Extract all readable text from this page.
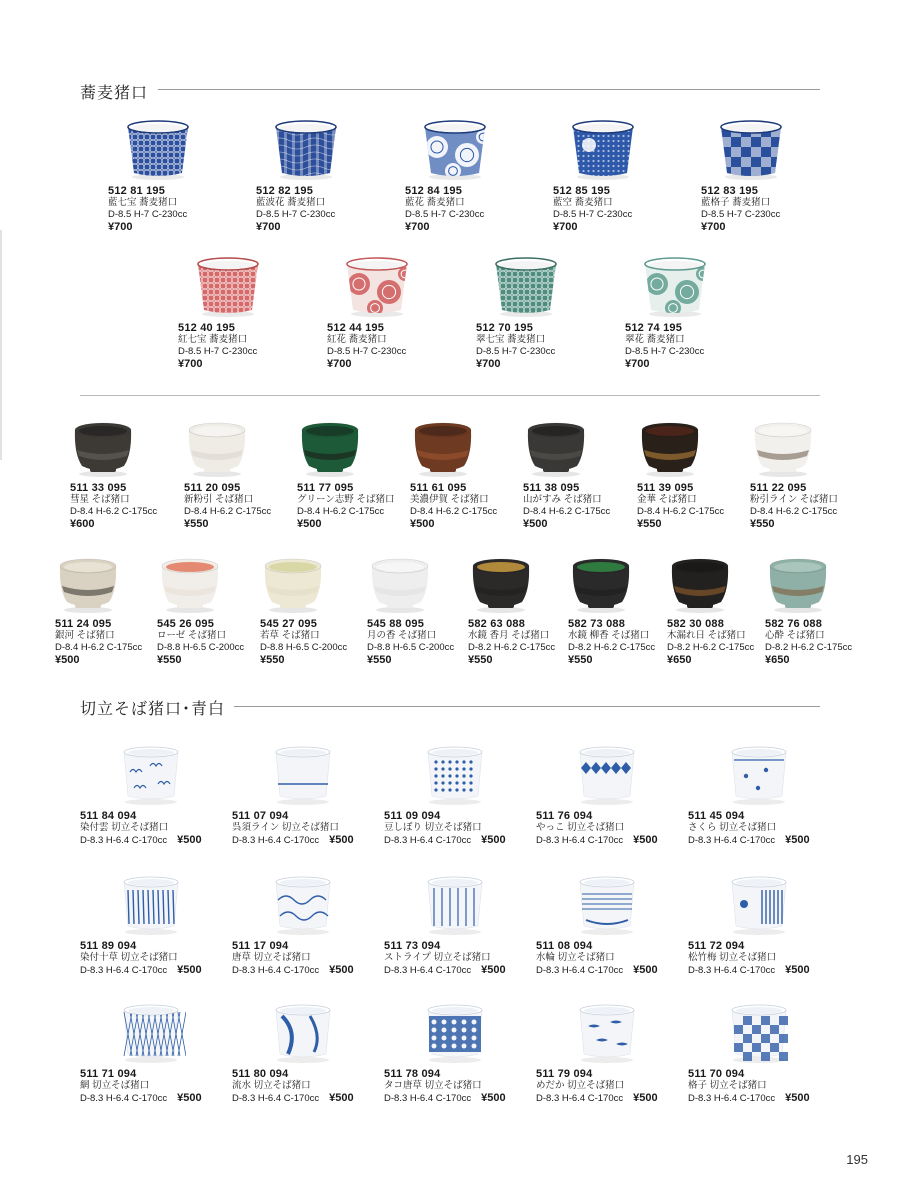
蕎麦猪口
512 81 195
藍七宝 蕎麦猪口
D-8.5 H-7 C-230cc
¥700
512 82 195
藍波花 蕎麦猪口
D-8.5 H-7 C-230cc
¥700
512 84 195
藍花 蕎麦猪口
D-8.5 H-7 C-230cc
¥700
512 85 195
藍空 蕎麦猪口
D-8.5 H-7 C-230cc
¥700
512 83 195
藍格子 蕎麦猪口
D-8.5 H-7 C-230cc
¥700
512 40 195
紅七宝 蕎麦猪口
D-8.5 H-7 C-230cc
¥700
512 44 195
紅花 蕎麦猪口
D-8.5 H-7 C-230cc
¥700
512 70 195
翠七宝 蕎麦猪口
D-8.5 H-7 C-230cc
¥700
512 74 195
翠花 蕎麦猪口
D-8.5 H-7 C-230cc
¥700
511 33 095
彗星 そば猪口
D-8.4 H-6.2 C-175cc
¥600
511 20 095
新粉引 そば猪口
D-8.4 H-6.2 C-175cc
¥550
511 77 095
グリーン志野 そば猪口
D-8.4 H-6.2 C-175cc
¥500
511 61 095
美濃伊賀 そば猪口
D-8.4 H-6.2 C-175cc
¥500
511 38 095
山がすみ そば猪口
D-8.4 H-6.2 C-175cc
¥500
511 39 095
金華 そば猪口
D-8.4 H-6.2 C-175cc
¥550
511 22 095
粉引ライン そば猪口
D-8.4 H-6.2 C-175cc
¥550
511 24 095
銀河 そば猪口
D-8.4 H-6.2 C-175cc
¥500
545 26 095
ローゼ そば猪口
D-8.8 H-6.5 C-200cc
¥550
545 27 095
若草 そば猪口
D-8.8 H-6.5 C-200cc
¥550
545 88 095
月の香 そば猪口
D-8.8 H-6.5 C-200cc
¥550
582 63 088
水鏡 香月 そば猪口
D-8.2 H-6.2 C-175cc
¥550
582 73 088
水鏡 柳香 そば猪口
D-8.2 H-6.2 C-175cc
¥550
582 30 088
木漏れ日 そば猪口
D-8.2 H-6.2 C-175cc
¥650
582 76 088
心酔 そば猪口
D-8.2 H-6.2 C-175cc
¥650
切立そば猪口･青白
511 84 094
染付雲 切立そば猪口
D-8.3 H-6.4 C-170cc ¥500
511 07 094
呉須ライン 切立そば猪口
D-8.3 H-6.4 C-170cc ¥500
511 09 094
豆しぼり 切立そば猪口
D-8.3 H-6.4 C-170cc ¥500
511 76 094
やっこ 切立そば猪口
D-8.3 H-6.4 C-170cc ¥500
511 45 094
さくら 切立そば猪口
D-8.3 H-6.4 C-170cc ¥500
511 89 094
染付十草 切立そば猪口
D-8.3 H-6.4 C-170cc ¥500
511 17 094
唐草 切立そば猪口
D-8.3 H-6.4 C-170cc ¥500
511 73 094
ストライプ 切立そば猪口
D-8.3 H-6.4 C-170cc ¥500
511 08 094
水輪 切立そば猪口
D-8.3 H-6.4 C-170cc ¥500
511 72 094
松竹梅 切立そば猪口
D-8.3 H-6.4 C-170cc ¥500
511 71 094
網 切立そば猪口
D-8.3 H-6.4 C-170cc ¥500
511 80 094
流水 切立そば猪口
D-8.3 H-6.4 C-170cc ¥500
511 78 094
タコ唐草 切立そば猪口
D-8.3 H-6.4 C-170cc ¥500
511 79 094
めだか 切立そば猪口
D-8.3 H-6.4 C-170cc ¥500
511 70 094
格子 切立そば猪口
D-8.3 H-6.4 C-170cc ¥500
195
